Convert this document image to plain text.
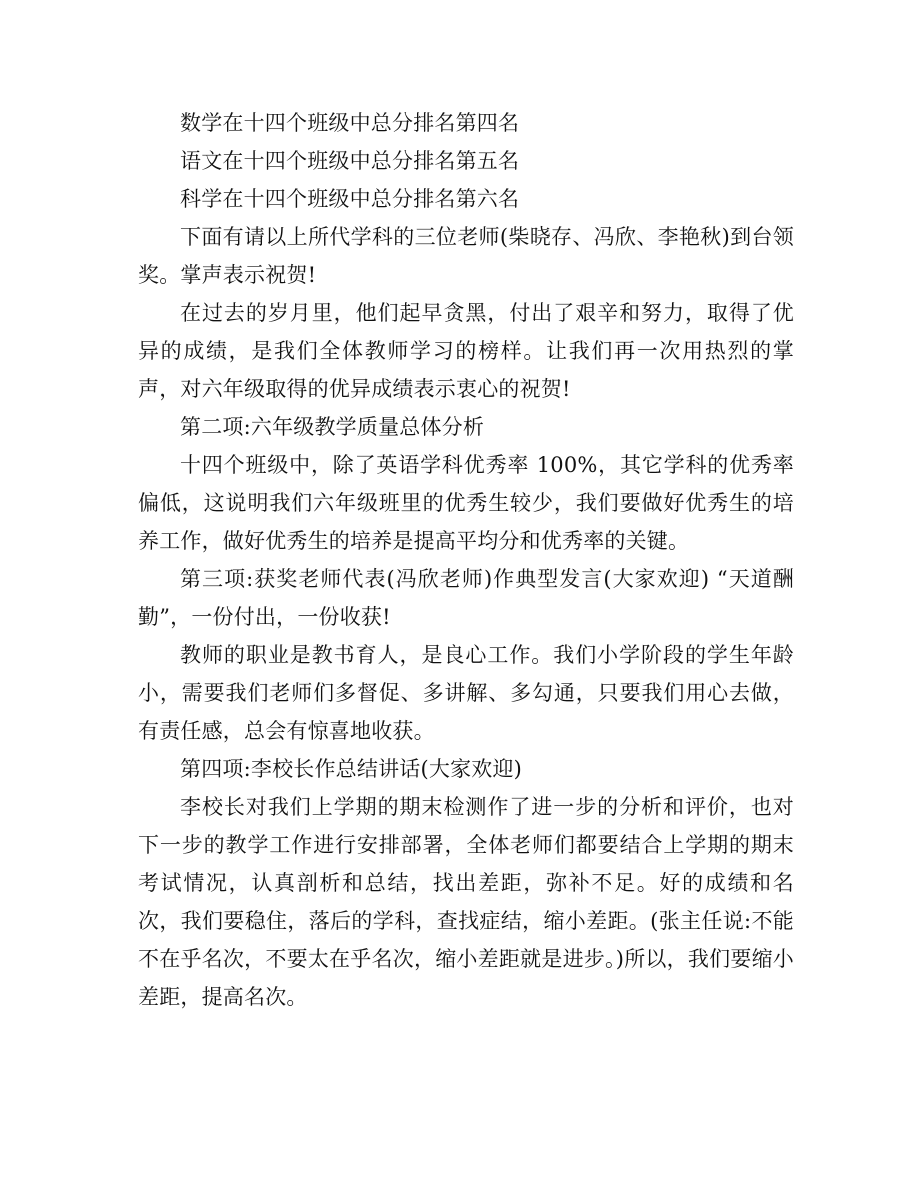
数学在十四个班级中总分排名第四名

语文在十四个班级中总分排名第五名

科学在十四个班级中总分排名第六名

下面有请以上所代学科的三位老师(柴晓存、冯欣、李艳秋)到台领奖。掌声表示祝贺!

在过去的岁月里，他们起早贪黑，付出了艰辛和努力，取得了优异的成绩，是我们全体教师学习的榜样。让我们再一次用热烈的掌声，对六年级取得的优异成绩表示衷心的祝贺!

第二项:六年级教学质量总体分析

十四个班级中，除了英语学科优秀率 100%，其它学科的优秀率偏低，这说明我们六年级班里的优秀生较少，我们要做好优秀生的培养工作，做好优秀生的培养是提高平均分和优秀率的关键。

第三项:获奖老师代表(冯欣老师)作典型发言(大家欢迎) “天道酬勤”，一份付出，一份收获!

教师的职业是教书育人，是良心工作。我们小学阶段的学生年龄小，需要我们老师们多督促、多讲解、多勾通，只要我们用心去做，有责任感，总会有惊喜地收获。

第四项:李校长作总结讲话(大家欢迎)

李校长对我们上学期的期末检测作了进一步的分析和评价，也对下一步的教学工作进行安排部署，全体老师们都要结合上学期的期末考试情况，认真剖析和总结，找出差距，弥补不足。好的成绩和名次，我们要稳住，落后的学科，查找症结，缩小差距。(张主任说:不能不在乎名次，不要太在乎名次，缩小差距就是进步。)所以，我们要缩小差距，提高名次。
